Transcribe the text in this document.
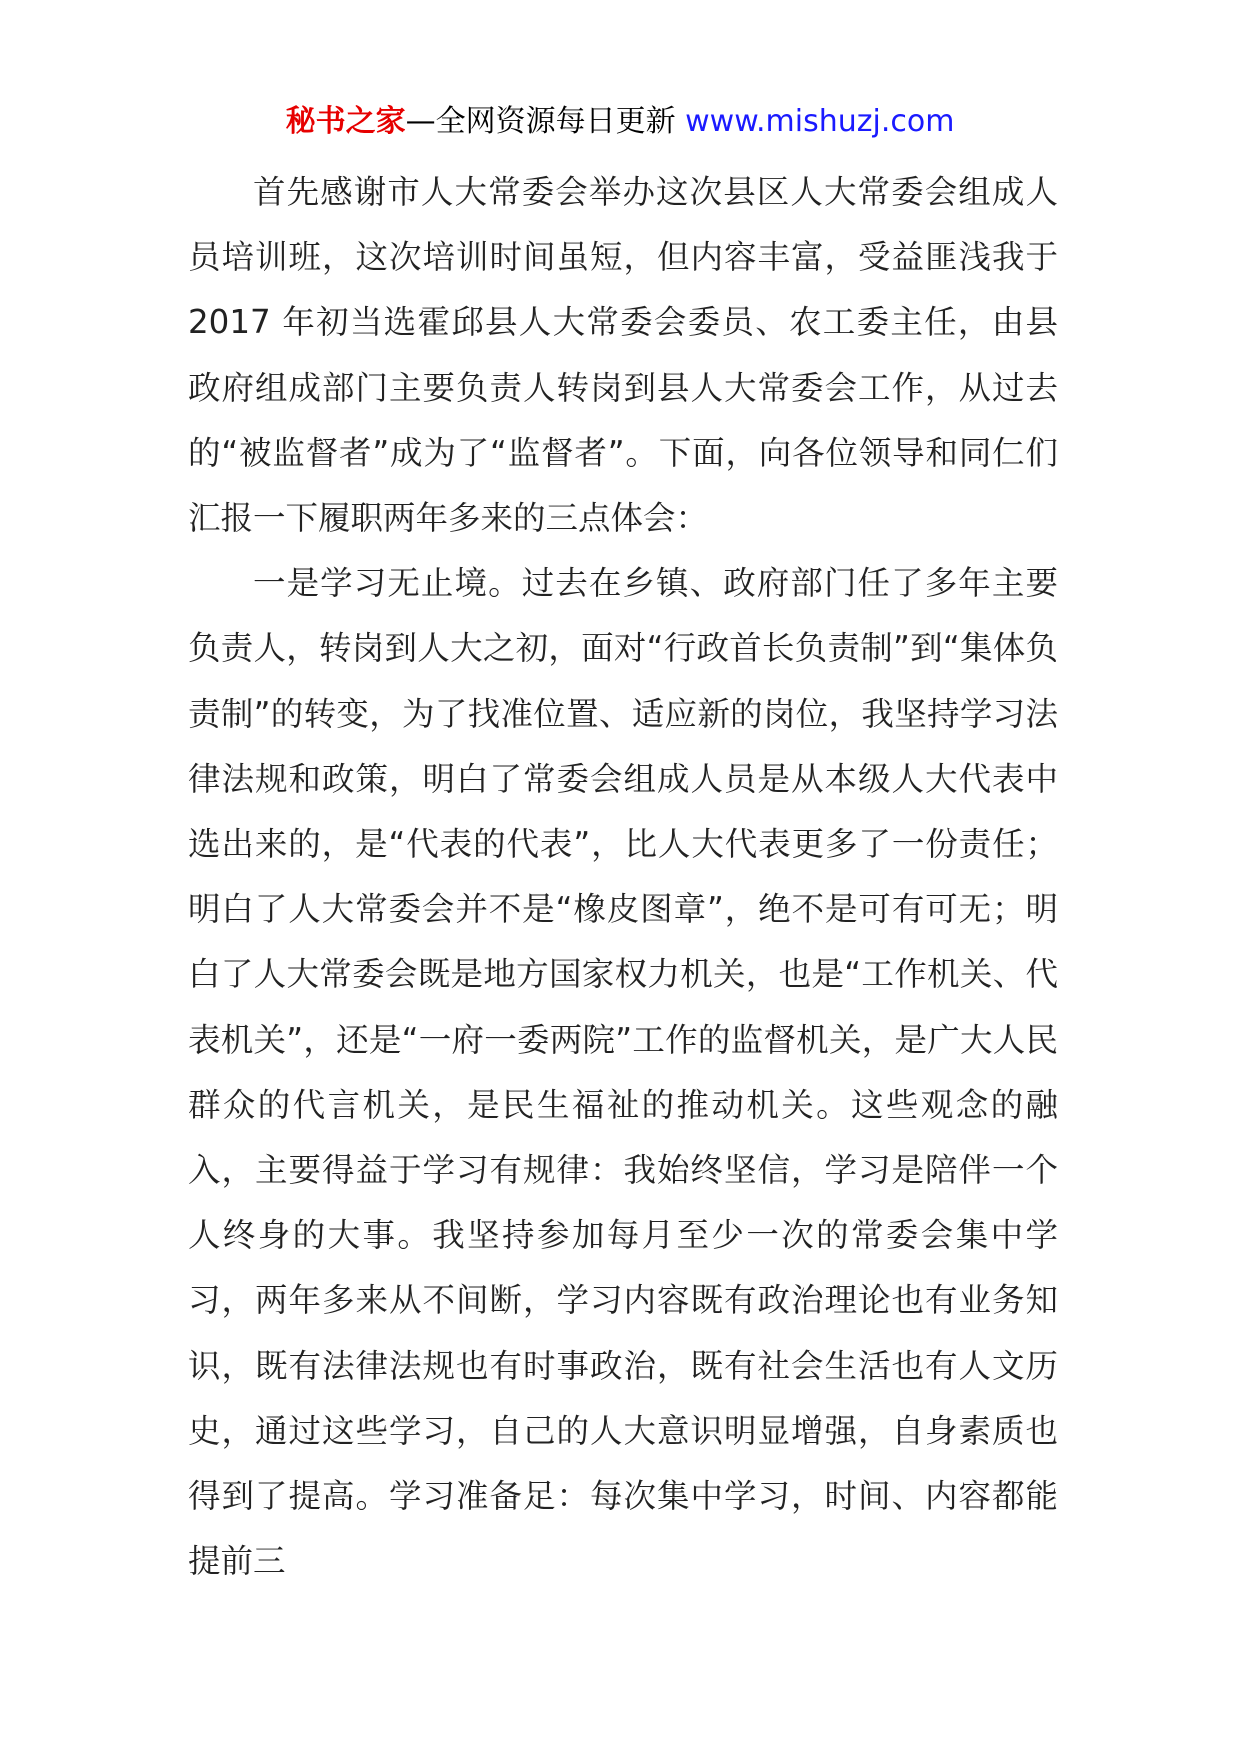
秘书之家—全网资源每日更新 www.mishuzj.com

首先感谢市人大常委会举办这次县区人大常委会组成人员培训班，这次培训时间虽短，但内容丰富，受益匪浅我于 2017 年初当选霍邱县人大常委会委员、农工委主任，由县政府组成部门主要负责人转岗到县人大常委会工作，从过去的“被监督者”成为了“监督者”。下面，向各位领导和同仁们汇报一下履职两年多来的三点体会：

一是学习无止境。过去在乡镇、政府部门任了多年主要负责人，转岗到人大之初，面对“行政首长负责制”到“集体负责制”的转变，为了找准位置、适应新的岗位，我坚持学习法律法规和政策，明白了常委会组成人员是从本级人大代表中选出来的，是“代表的代表”，比人大代表更多了一份责任；明白了人大常委会并不是“橡皮图章”，绝不是可有可无；明白了人大常委会既是地方国家权力机关，也是“工作机关、代表机关”，还是“一府一委两院”工作的监督机关，是广大人民群众的代言机关，是民生福祉的推动机关。这些观念的融入，主要得益于学习有规律：我始终坚信，学习是陪伴一个人终身的大事。我坚持参加每月至少一次的常委会集中学习，两年多来从不间断，学习内容既有政治理论也有业务知识，既有法律法规也有时事政治，既有社会生活也有人文历史，通过这些学习，自己的人大意识明显增强，自身素质也得到了提高。学习准备足：每次集中学习，时间、内容都能提前三
